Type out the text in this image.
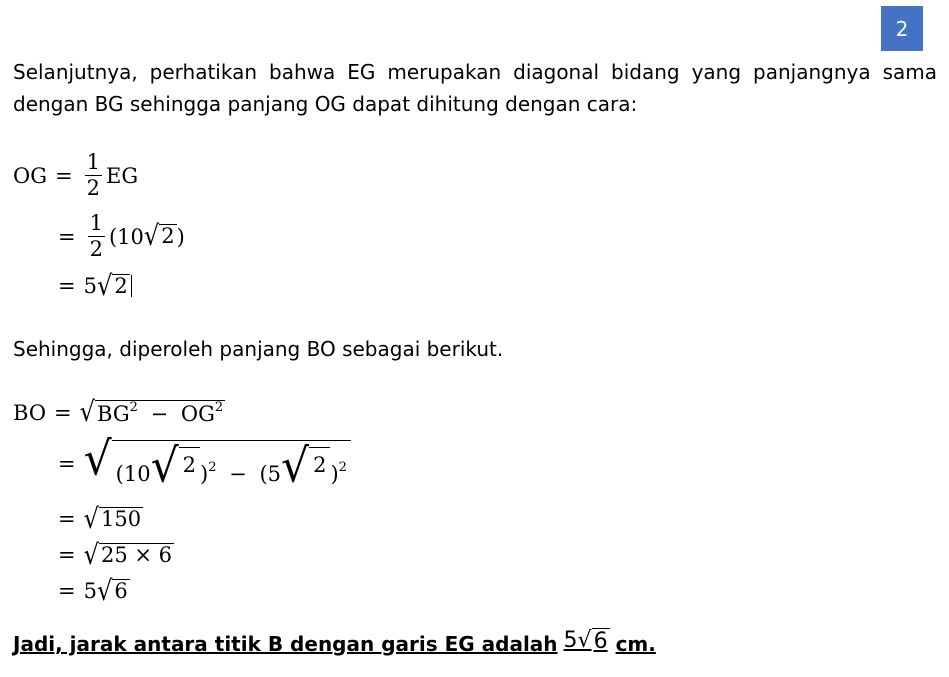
2
Selanjutnya, perhatikan bahwa EG merupakan diagonal bidang yang panjangnya sama
dengan BG sehingga panjang OG dapat dihitung dengan cara:
OG = $\frac{1}{2}$ EG
= $\frac{1}{2} (10$ √ 2 )
= 5 √ 2
Sehingga, diperoleh panjang BO sebagai berikut.
BO = √ $BG^2 - OG^2$
= √ (10 √ 2 )$^2$ − (5 √ 2 )$^2$
= √ 150
= √ 25 × 6
= 5 √ 6
Jadi, jarak antara titik B dengan garis EG adalah 5 √ 6 cm.
